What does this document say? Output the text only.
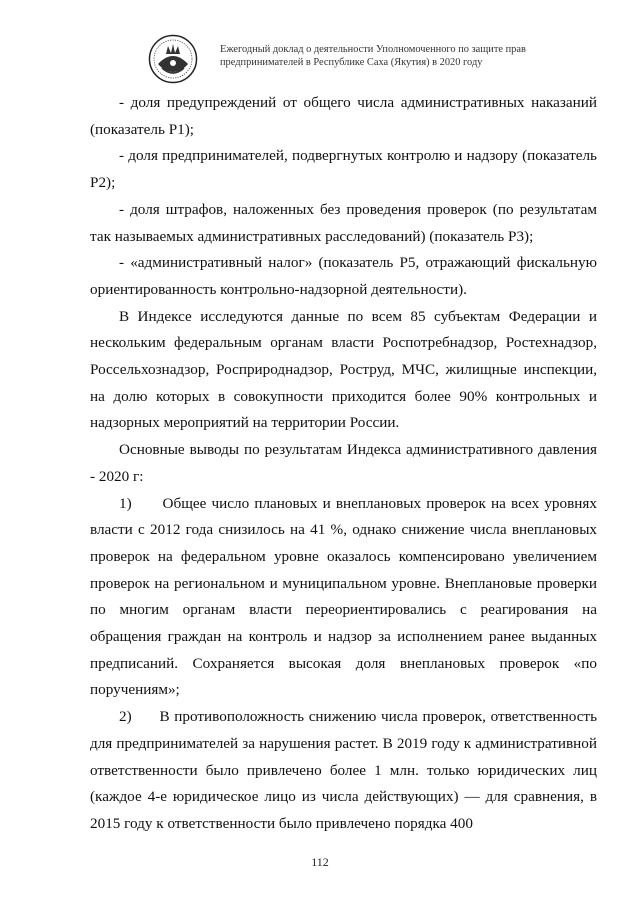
Ежегодный доклад о деятельности Уполномоченного по защите прав
предпринимателей в Республике Саха (Якутия) в 2020 году

- доля предупреждений от общего числа административных наказаний (показатель Р1);

- доля предпринимателей, подвергнутых контролю и надзору (показатель Р2);

- доля штрафов, наложенных без проведения проверок (по результатам так называемых административных расследований) (показатель Р3);

- «административный налог» (показатель Р5, отражающий фискальную ориентированность контрольно-надзорной деятельности).

В Индексе исследуются данные по всем 85 субъектам Федерации и нескольким федеральным органам власти Роспотребнадзор, Ростехнадзор, Россельхознадзор, Росприроднадзор, Роструд, МЧС, жилищные инспекции, на долю которых в совокупности приходится более 90% контрольных и надзорных мероприятий на территории России.

Основные выводы по результатам Индекса административного давления - 2020 г:

1)      Общее число плановых и внеплановых проверок на всех уровнях власти с 2012 года снизилось на 41 %, однако снижение числа внеплановых проверок на федеральном уровне оказалось компенсировано увеличением проверок на региональном и муниципальном уровне. Внеплановые проверки по многим органам власти переориентировались с реагирования на обращения граждан на контроль и надзор за исполнением ранее выданных предписаний. Сохраняется высокая доля внеплановых проверок «по поручениям»;

2)      В противоположность снижению числа проверок, ответственность для предпринимателей за нарушения растет. В 2019 году к административной ответственности было привлечено более 1 млн. только юридических лиц (каждое 4-е юридическое лицо из числа действующих) — для сравнения, в 2015 году к ответственности было привлечено порядка 400

112
